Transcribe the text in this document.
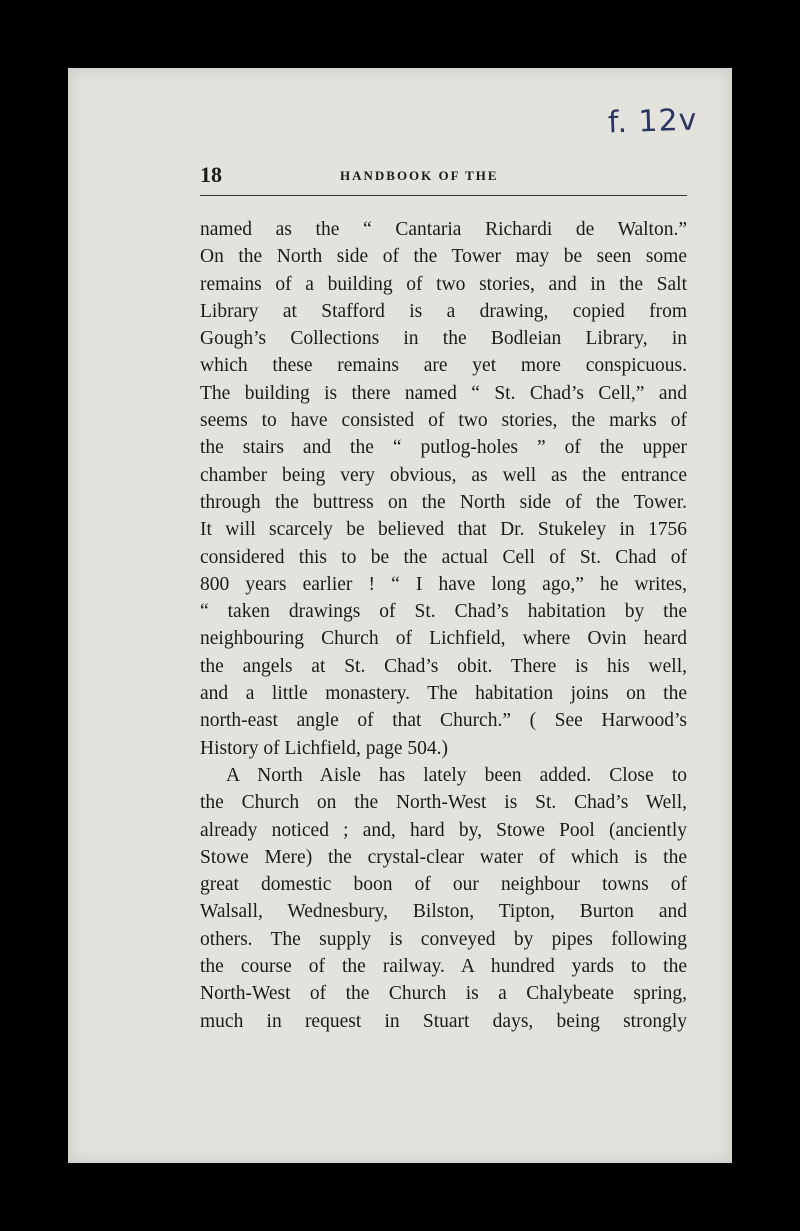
f. 12v
18	HANDBOOK OF THE
named as the “ Cantaria Richardi de Walton.”
On the North side of the Tower may be seen some
remains of a building of two stories, and in the Salt
Library at Stafford is a drawing, copied from
Gough’s Collections in the Bodleian Library, in
which these remains are yet more conspicuous.
The building is there named “ St. Chad’s Cell,” and
seems to have consisted of two stories, the marks of
the stairs and the “ putlog-holes ” of the upper
chamber being very obvious, as well as the entrance
through the buttress on the North side of the Tower.
It will scarcely be believed that Dr. Stukeley in 1756
considered this to be the actual Cell of St. Chad of
800 years earlier ! “ I have long ago,” he writes,
“ taken drawings of St. Chad’s habitation by the
neighbouring Church of Lichfield, where Ovin heard
the angels at St. Chad’s obit. There is his well,
and a little monastery. The habitation joins on the
north-east angle of that Church.” ( See Harwood’s
History of Lichfield, page 504.)
A North Aisle has lately been added. Close to
the Church on the North-West is St. Chad’s Well,
already noticed ; and, hard by, Stowe Pool (anciently
Stowe Mere) the crystal-clear water of which is the
great domestic boon of our neighbour towns of
Walsall, Wednesbury, Bilston, Tipton, Burton and
others. The supply is conveyed by pipes following
the course of the railway. A hundred yards to the
North-West of the Church is a Chalybeate spring,
much in request in Stuart days, being strongly
